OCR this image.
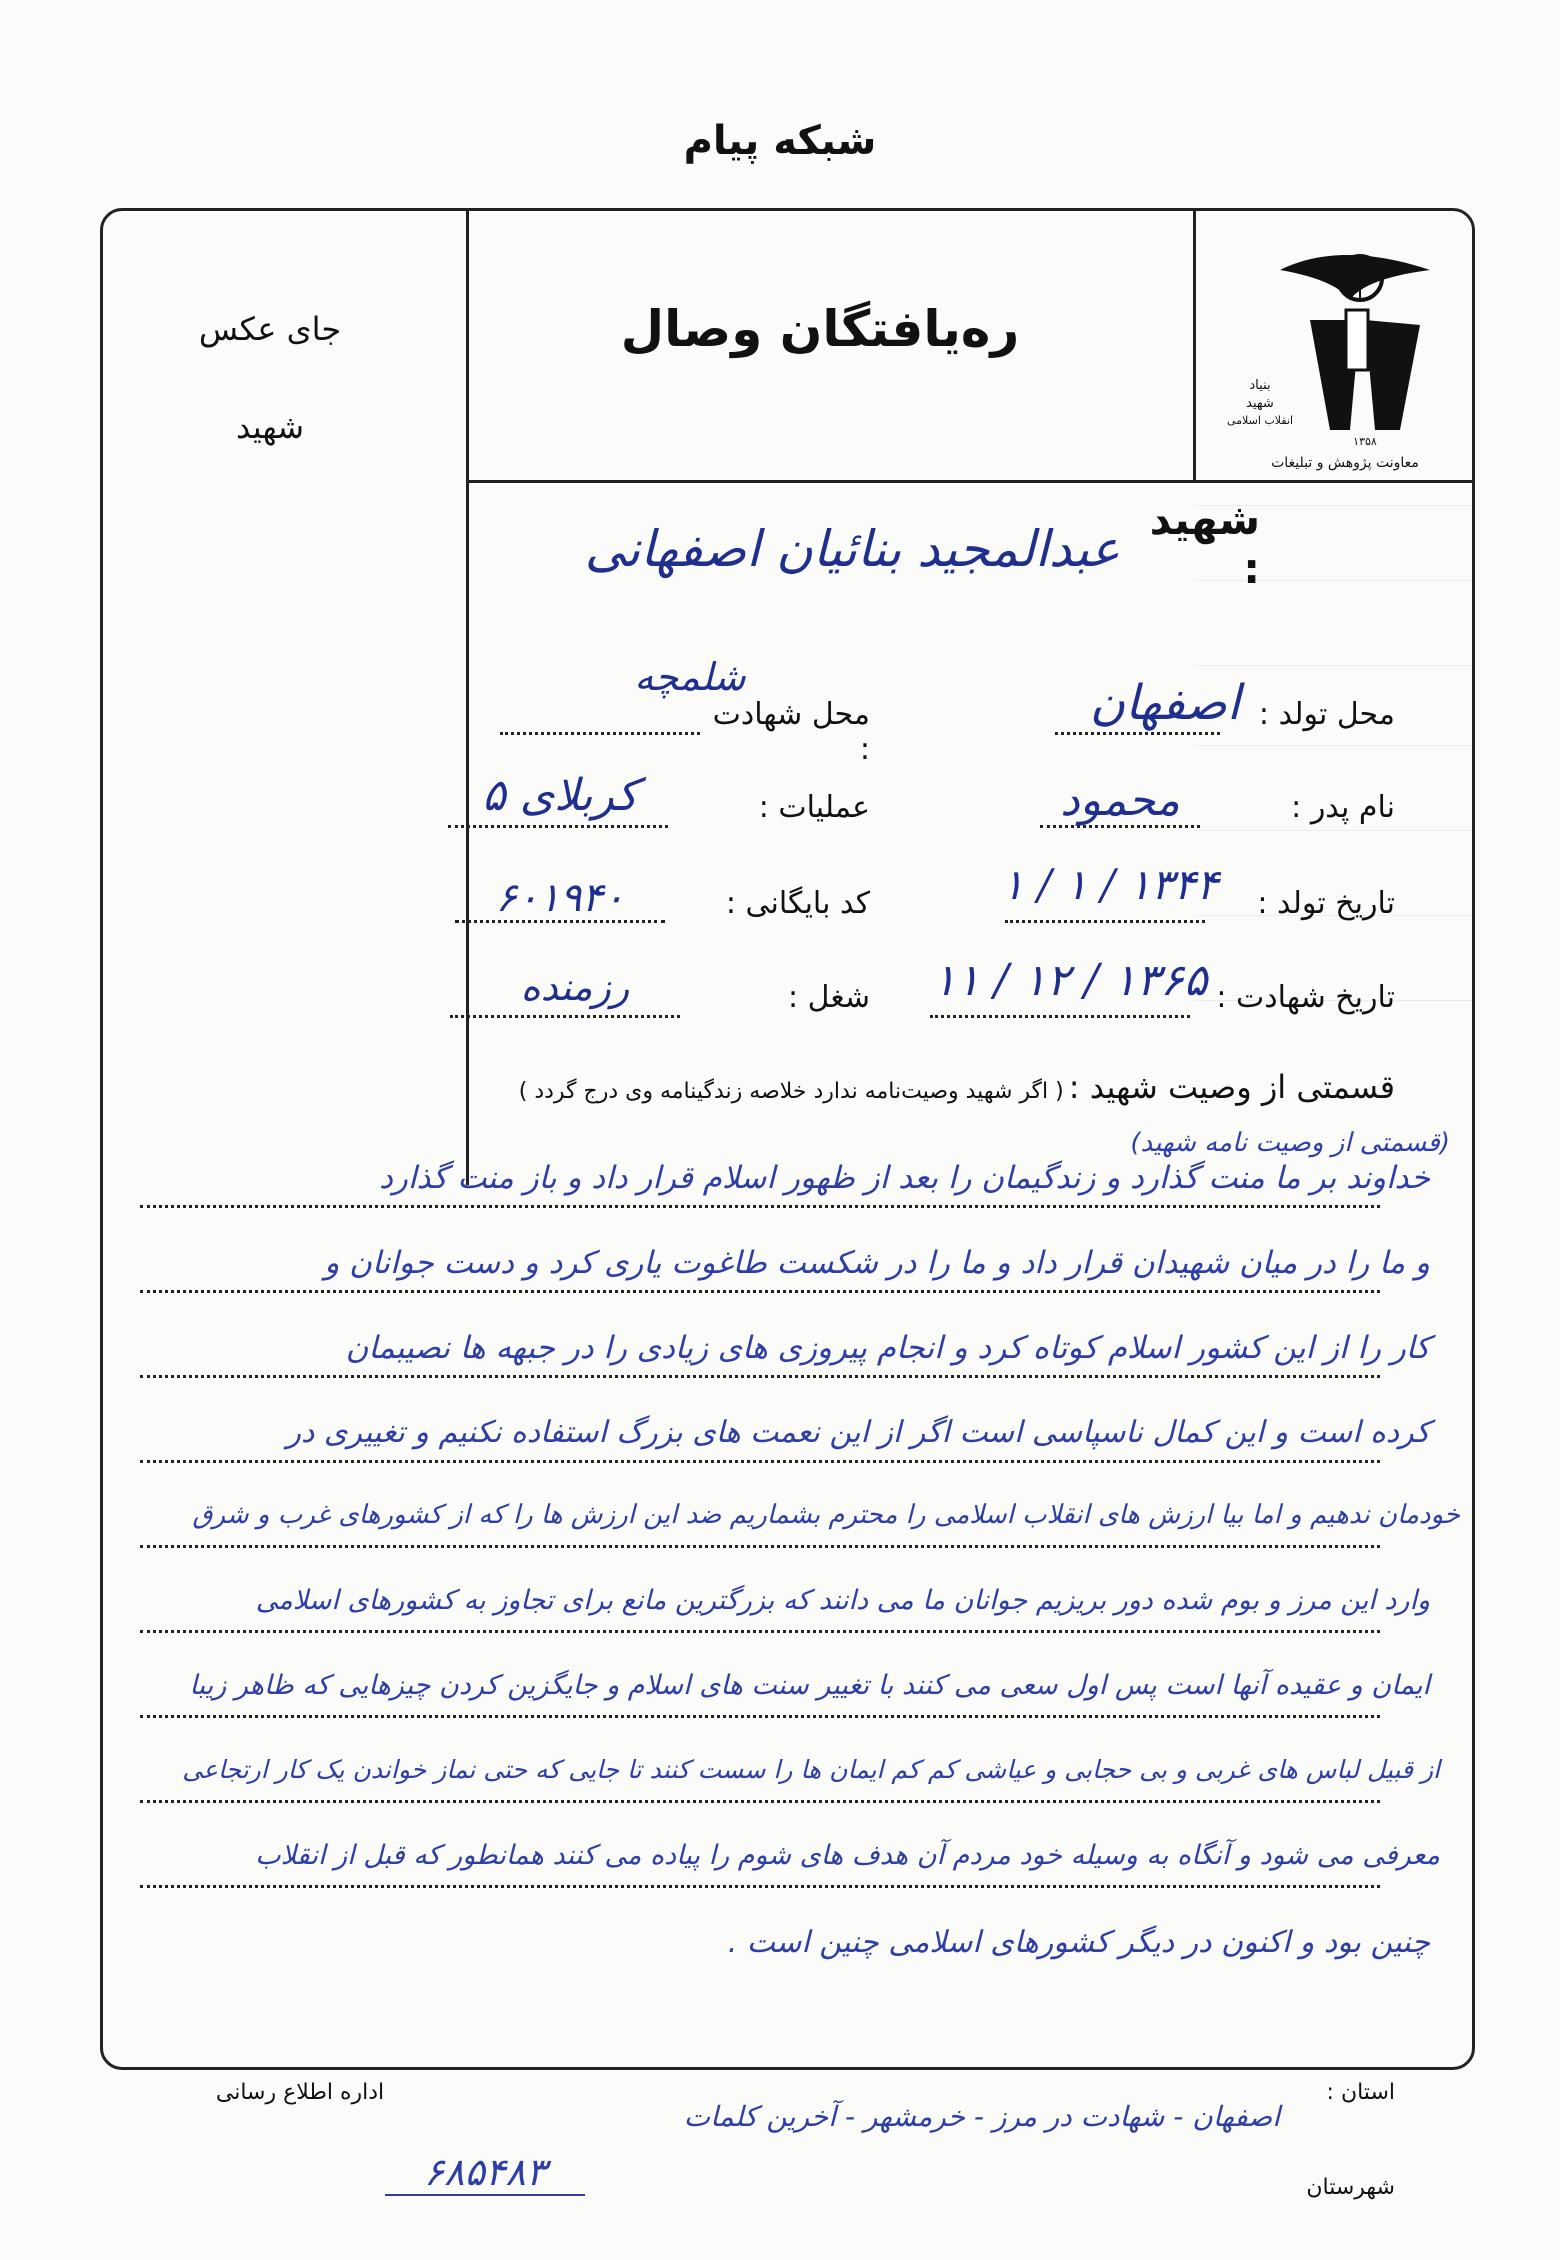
شبکه پیام
جای عکس
شهید
ره‌یافتگان وصال
بنیاد
شهید
انقلاب اسلامی
۱۳۵۸
معاونت پژوهش و تبلیغات
شهید :
عبدالمجید بنائیان اصفهانی
محل تولد :
اصفهان
محل شهادت :
شلمچه
نام پدر :
محمود
عملیات :
کربلای ۵
تاریخ تولد :
۱۳۴۴ / ۱ / ۱
کد بایگانی :
۶۰۱۹۴۰
تاریخ شهادت :
۱۳۶۵ / ۱۲ / ۱۱
شغل :
رزمنده
قسمتی از وصیت شهید : ( اگر شهید وصیت‌نامه ندارد خلاصه زندگینامه وی درج گردد )
(قسمتی از وصیت نامه شهید)
خداوند بر ما منت گذارد و زندگیمان را بعد از ظهور اسلام قرار داد و باز منت گذارد
و ما را در میان شهیدان قرار داد و ما را در شکست طاغوت یاری کرد و دست جوانان و
کار را از این کشور اسلام کوتاه کرد و انجام پیروزی های زیادی را در جبهه ها نصیبمان
کرده است و این کمال ناسپاسی است اگر از این نعمت های بزرگ استفاده نکنیم و تغییری در
خودمان ندهیم و اما بیا ارزش های انقلاب اسلامی را محترم بشماریم ضد این ارزش ها را که از کشورهای غرب و شرق
وارد این مرز و بوم شده دور بریزیم جوانان ما می دانند که بزرگترین مانع برای تجاوز به کشورهای اسلامی
ایمان و عقیده آنها است پس اول سعی می کنند با تغییر سنت های اسلام و جایگزین کردن چیزهایی که ظاهر زیبا
از قبیل لباس های غربی و بی حجابی و عیاشی کم کم ایمان ها را سست کنند تا جایی که حتی نماز خواندن یک کار ارتجاعی
معرفی می شود و آنگاه به وسیله خود مردم آن هدف های شوم را پیاده می کنند همانطور که قبل از انقلاب
چنین بود و اکنون در دیگر کشورهای اسلامی چنین است .
اداره اطلاع رسانی	استان :
اصفهان - شهادت در مرز - خرمشهر - آخرین کلمات
شهرستان
۶۸۵۴۸۳
